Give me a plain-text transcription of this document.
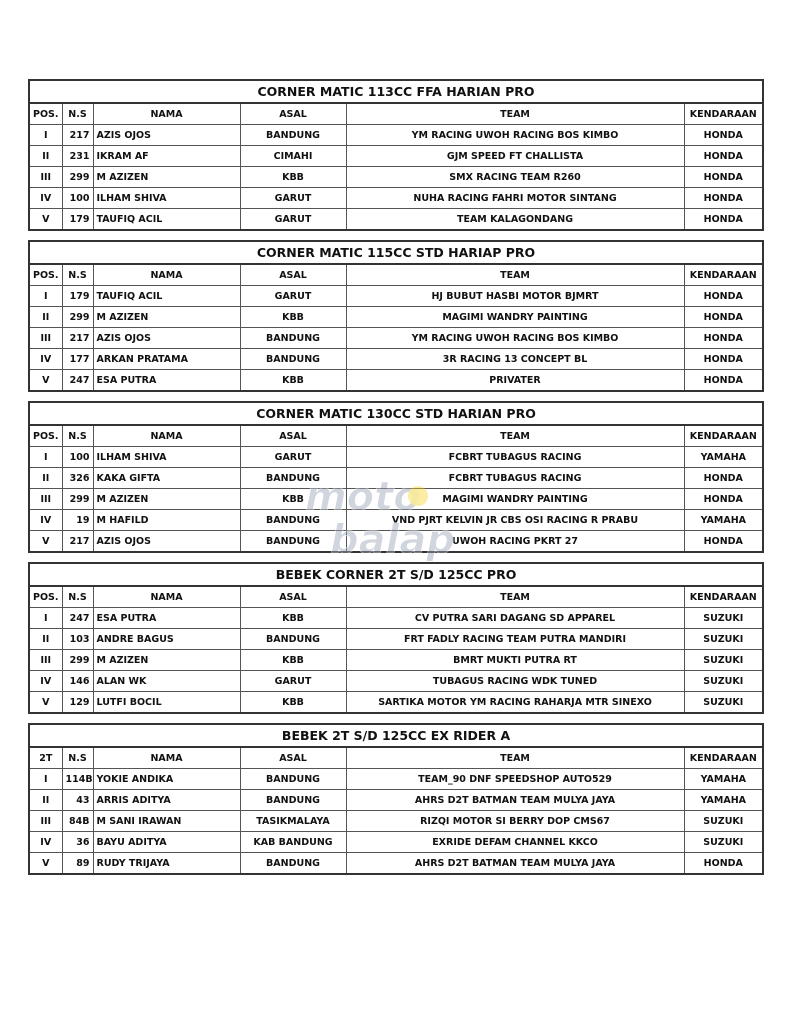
CORNER MATIC 113CC FFA HARIAN PRO					
POS.	N.S	NAMA	ASAL	TEAM	KENDARAAN
I	217	AZIS OJOS	BANDUNG	YM RACING UWOH RACING BOS KIMBO	HONDA
II	231	IKRAM AF	CIMAHI	GJM SPEED FT CHALLISTA	HONDA
III	299	M AZIZEN	KBB	SMX RACING TEAM R260	HONDA
IV	100	ILHAM SHIVA	GARUT	NUHA RACING FAHRI MOTOR SINTANG	HONDA
V	179	TAUFIQ ACIL	GARUT	TEAM KALAGONDANG	HONDA
CORNER MATIC 115CC STD HARIAP PRO					
POS.	N.S	NAMA	ASAL	TEAM	KENDARAAN
I	179	TAUFIQ ACIL	GARUT	HJ BUBUT HASBI MOTOR BJMRT	HONDA
II	299	M AZIZEN	KBB	MAGIMI WANDRY PAINTING	HONDA
III	217	AZIS OJOS	BANDUNG	YM RACING UWOH RACING BOS KIMBO	HONDA
IV	177	ARKAN PRATAMA	BANDUNG	3R RACING 13 CONCEPT BL	HONDA
V	247	ESA PUTRA	KBB	PRIVATER	HONDA
CORNER MATIC 130CC STD HARIAN PRO					
POS.	N.S	NAMA	ASAL	TEAM	KENDARAAN
I	100	ILHAM SHIVA	GARUT	FCBRT TUBAGUS RACING	YAMAHA
II	326	KAKA GIFTA	BANDUNG	FCBRT TUBAGUS RACING	HONDA
III	299	M AZIZEN	KBB	MAGIMI WANDRY PAINTING	HONDA
IV	19	M HAFILD	BANDUNG	VND PJRT KELVIN JR CBS OSI RACING R PRABU	YAMAHA
V	217	AZIS OJOS	BANDUNG	UWOH RACING PKRT 27	HONDA
BEBEK CORNER 2T S/D 125CC PRO					
POS.	N.S	NAMA	ASAL	TEAM	KENDARAAN
I	247	ESA PUTRA	KBB	CV PUTRA SARI DAGANG SD APPAREL	SUZUKI
II	103	ANDRE BAGUS	BANDUNG	FRT FADLY RACING TEAM PUTRA MANDIRI	SUZUKI
III	299	M AZIZEN	KBB	BMRT MUKTI PUTRA RT	SUZUKI
IV	146	ALAN WK	GARUT	TUBAGUS RACING WDK TUNED	SUZUKI
V	129	LUTFI BOCIL	KBB	SARTIKA MOTOR YM RACING RAHARJA MTR SINEXO	SUZUKI
BEBEK 2T S/D 125CC EX RIDER A					
2T	N.S	NAMA	ASAL	TEAM	KENDARAAN
I	114B	YOKIE ANDIKA	BANDUNG	TEAM_90 DNF SPEEDSHOP AUTO529	YAMAHA
II	43	ARRIS ADITYA	BANDUNG	AHRS D2T BATMAN TEAM MULYA JAYA	YAMAHA
III	84B	M SANI IRAWAN	TASIKMALAYA	RIZQI MOTOR SI BERRY DOP CMS67	SUZUKI
IV	36	BAYU ADITYA	KAB BANDUNG	EXRIDE DEFAM CHANNEL KKCO	SUZUKI
V	89	RUDY TRIJAYA	BANDUNG	AHRS D2T BATMAN TEAM MULYA JAYA	HONDA
moto
balap
